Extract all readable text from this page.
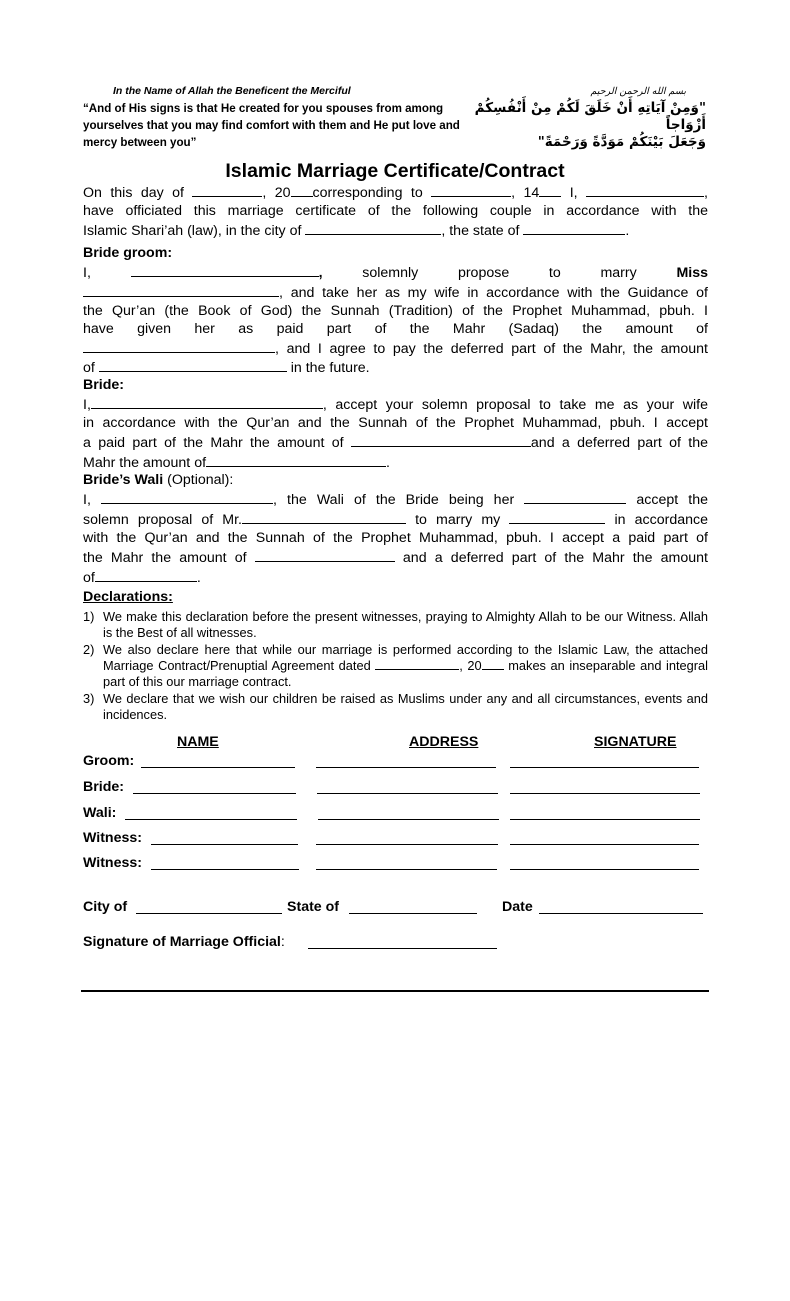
In the Name of Allah the Beneficent the Merciful
“And of His signs is that He created for you spouses from among yourselves that you may find comfort with them and He put love and mercy between you”
بسم الله الرحمن الرحيم
"وَمِنْ آيَاتِهِ أَنْ خَلَقَ لَكُمْ مِنْ أَنْفُسِكُمْ أَزْوَاجاً
وَجَعَلَ بَيْنَكُمْ مَوَدَّةً وَرَحْمَةً"
Islamic Marriage Certificate/Contract
On this day of	, 20 corresponding to	, 14 I,	,
have officiated this marriage certificate of the following couple in accordance with the
Islamic Shari’ah (law), in the city of	, the state of	.
Bride groom:
I,	,	solemnly	propose	to	marry	Miss
, and take her as my wife in accordance with the Guidance of
the Qur’an (the Book of God) the Sunnah (Tradition) of the Prophet Muhammad, pbuh. I
have given her as paid part of the Mahr (Sadaq) the amount of
, and I agree to pay the deferred part of the Mahr, the amount
of	in the future.
Bride:
I,	, accept your solemn proposal to take me as your wife
in accordance with the Qur’an and the Sunnah of the Prophet Muhammad, pbuh. I accept
a paid part of the Mahr the amount of	and a deferred part of the
Mahr the amount of	.
Bride’s Wali (Optional):
I,	, the Wali of the Bride being her	accept the
solemn proposal of Mr.	to marry my	in accordance
with the Qur’an and the Sunnah of the Prophet Muhammad, pbuh. I accept a paid part of
the Mahr the amount of	and a deferred part of the Mahr the amount
of	.
Declarations:
1) We make this declaration before the present witnesses, praying to Almighty Allah to be our Witness. Allah is the Best of all witnesses.
2) We also declare here that while our marriage is performed according to the Islamic Law, the attached Marriage Contract/Prenuptial Agreement dated	, 20 makes an inseparable and integral part of this our marriage contract.
3) We declare that we wish our children be raised as Muslims under any and all circumstances, events and incidences.
NAME	ADDRESS	SIGNATURE
Groom:
Bride:
Wali:
Witness:
Witness:
City of	State of	Date
Signature of Marriage Official:
